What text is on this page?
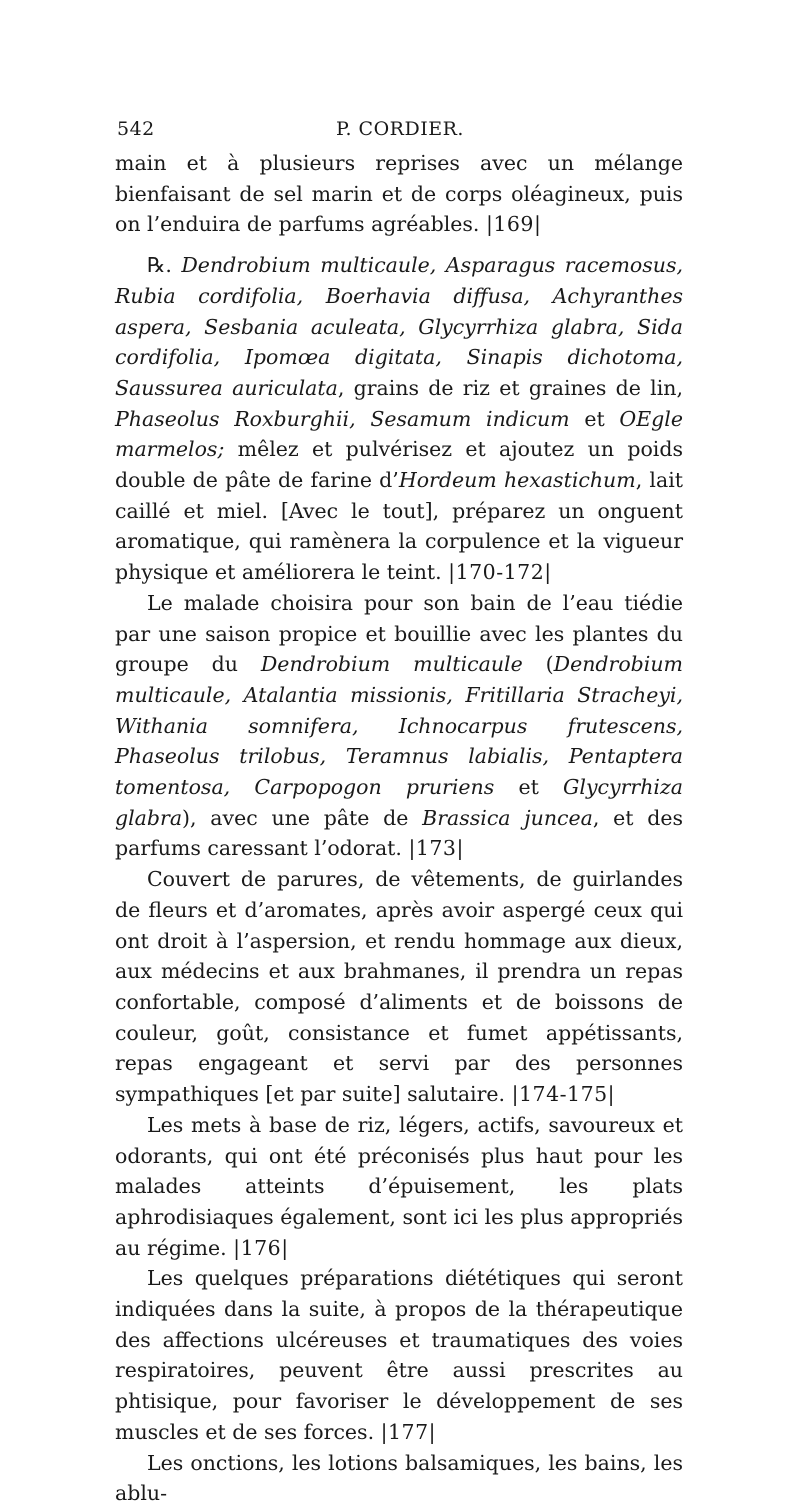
542	P. CORDIER.

main et à plusieurs reprises avec un mélange bienfaisant de sel marin et de corps oléagineux, puis on l’enduira de parfums agréables. |169|

℞. Dendrobium multicaule, Asparagus racemosus, Rubia cordifolia, Boerhavia diffusa, Achyranthes aspera, Sesbania aculeata, Glycyrrhiza glabra, Sida cordifolia, Ipomœa digitata, Sinapis dichotoma, Saussurea auriculata, grains de riz et graines de lin, Phaseolus Roxburghii, Sesamum indicum et OEgle marmelos; mêlez et pulvérisez et ajoutez un poids double de pâte de farine d’Hordeum hexastichum, lait caillé et miel. [Avec le tout], préparez un onguent aromatique, qui ramènera la corpulence et la vigueur physique et améliorera le teint. |170-172|

Le malade choisira pour son bain de l’eau tiédie par une saison propice et bouillie avec les plantes du groupe du Dendrobium multicaule (Dendrobium multicaule, Atalantia missionis, Fritillaria Stracheyi, Withania somnifera, Ichnocarpus frutescens, Phaseolus trilobus, Teramnus labialis, Pentaptera tomentosa, Carpopogon pruriens et Glycyrrhiza glabra), avec une pâte de Brassica juncea, et des parfums caressant l’odorat. |173|

Couvert de parures, de vêtements, de guirlandes de fleurs et d’aromates, après avoir aspergé ceux qui ont droit à l’aspersion, et rendu hommage aux dieux, aux médecins et aux brahmanes, il prendra un repas confortable, composé d’aliments et de boissons de couleur, goût, consistance et fumet appétissants, repas engageant et servi par des personnes sympathiques [et par suite] salutaire. |174-175|

Les mets à base de riz, légers, actifs, savoureux et odorants, qui ont été préconisés plus haut pour les malades atteints d’épuisement, les plats aphrodisiaques également, sont ici les plus appropriés au régime. |176|

Les quelques préparations diététiques qui seront indiquées dans la suite, à propos de la thérapeutique des affections ulcéreuses et traumatiques des voies respiratoires, peuvent être aussi prescrites au phtisique, pour favoriser le développement de ses muscles et de ses forces. |177|

Les onctions, les lotions balsamiques, les bains, les ablu-
